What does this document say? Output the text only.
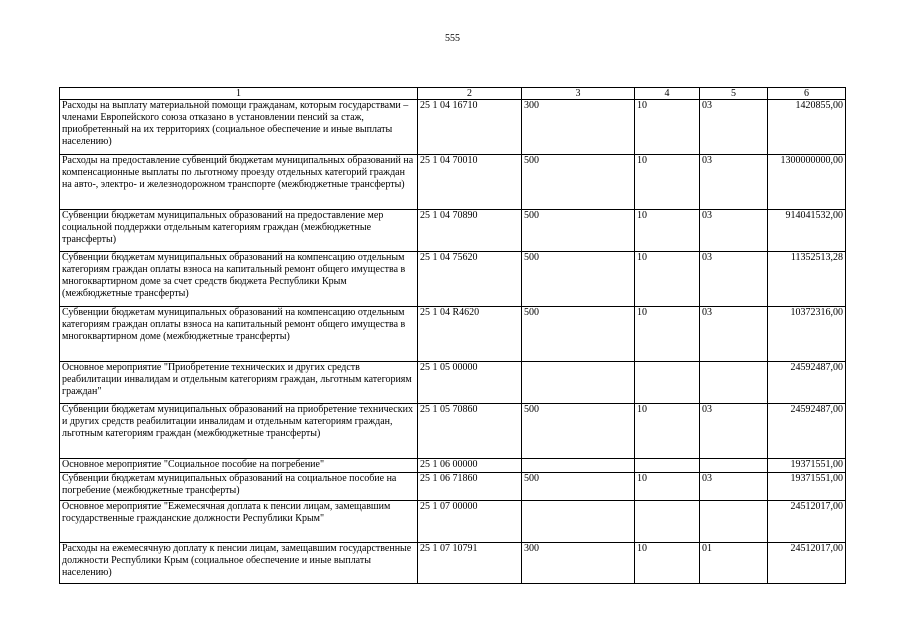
555
1	2	3	4	5	6
Расходы на выплату материальной помощи гражданам, которым государствами – членами Европейского союза отказано в установлении пенсий за стаж, приобретенный на их территориях (социальное обеспечение и иные выплаты населению)	25 1 04 16710	300	10	03	1420855,00
Расходы на предоставление субвенций бюджетам муниципальных образований на компенсационные выплаты по льготному проезду отдельных категорий граждан на авто-, электро- и железнодорожном транспорте (межбюджетные трансферты)	25 1 04 70010	500	10	03	1300000000,00
Субвенции бюджетам муниципальных образований на предоставление мер социальной поддержки отдельным категориям граждан (межбюджетные трансферты)	25 1 04 70890	500	10	03	914041532,00
Субвенции бюджетам муниципальных образований на компенсацию отдельным категориям граждан оплаты взноса на капитальный ремонт общего имущества в многоквартирном доме за счет средств бюджета Республики Крым (межбюджетные трансферты)	25 1 04 75620	500	10	03	11352513,28
Субвенции бюджетам муниципальных образований на компенсацию отдельным категориям граждан оплаты взноса на капитальный ремонт общего имущества в многоквартирном доме (межбюджетные трансферты)	25 1 04 R4620	500	10	03	10372316,00
Основное мероприятие "Приобретение технических и других средств реабилитации инвалидам и отдельным категориям граждан, льготным категориям граждан"	25 1 05 00000				24592487,00
Субвенции бюджетам муниципальных образований на приобретение технических и других средств реабилитации инвалидам и отдельным категориям граждан, льготным категориям граждан (межбюджетные трансферты)	25 1 05 70860	500	10	03	24592487,00
Основное мероприятие "Социальное пособие на погребение"	25 1 06 00000				19371551,00
Субвенции бюджетам муниципальных образований на социальное пособие на погребение (межбюджетные трансферты)	25 1 06 71860	500	10	03	19371551,00
Основное мероприятие "Ежемесячная доплата к пенсии лицам, замещавшим государственные гражданские должности Республики Крым"	25 1 07 00000				24512017,00
Расходы на ежемесячную доплату к пенсии лицам, замещавшим государственные должности Республики Крым (социальное обеспечение и иные выплаты населению)	25 1 07 10791	300	10	01	24512017,00
